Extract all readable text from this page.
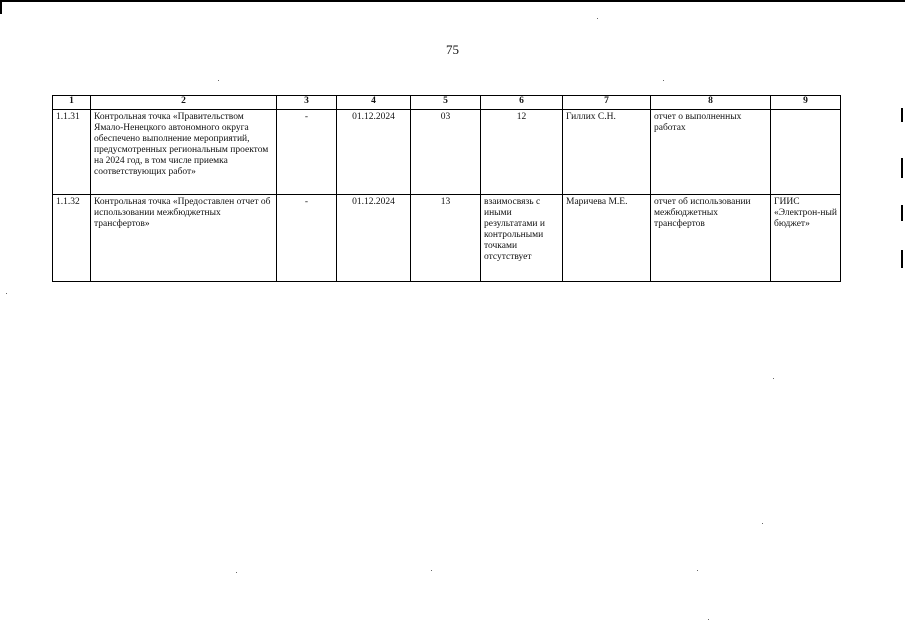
75
1	2	3	4	5	6	7	8	9
1.1.31	Контрольная точка «Правительством Ямало-Ненецкого автономного округа обеспечено выполнение мероприятий, предусмотренных региональным проектом на 2024 год, в том числе приемка соответствующих работ»	-	01.12.2024	03	12	Гиллих С.Н.	отчет о выполненных работах	
1.1.32	Контрольная точка «Предоставлен отчет об использовании межбюджетных трансфертов»	-	01.12.2024	13	взаимосвязь с иными результатами и контрольными точками отсутствует	Маричева М.Е.	отчет об использовании межбюджетных трансфертов	ГИИС «Электрон-ный бюджет»
